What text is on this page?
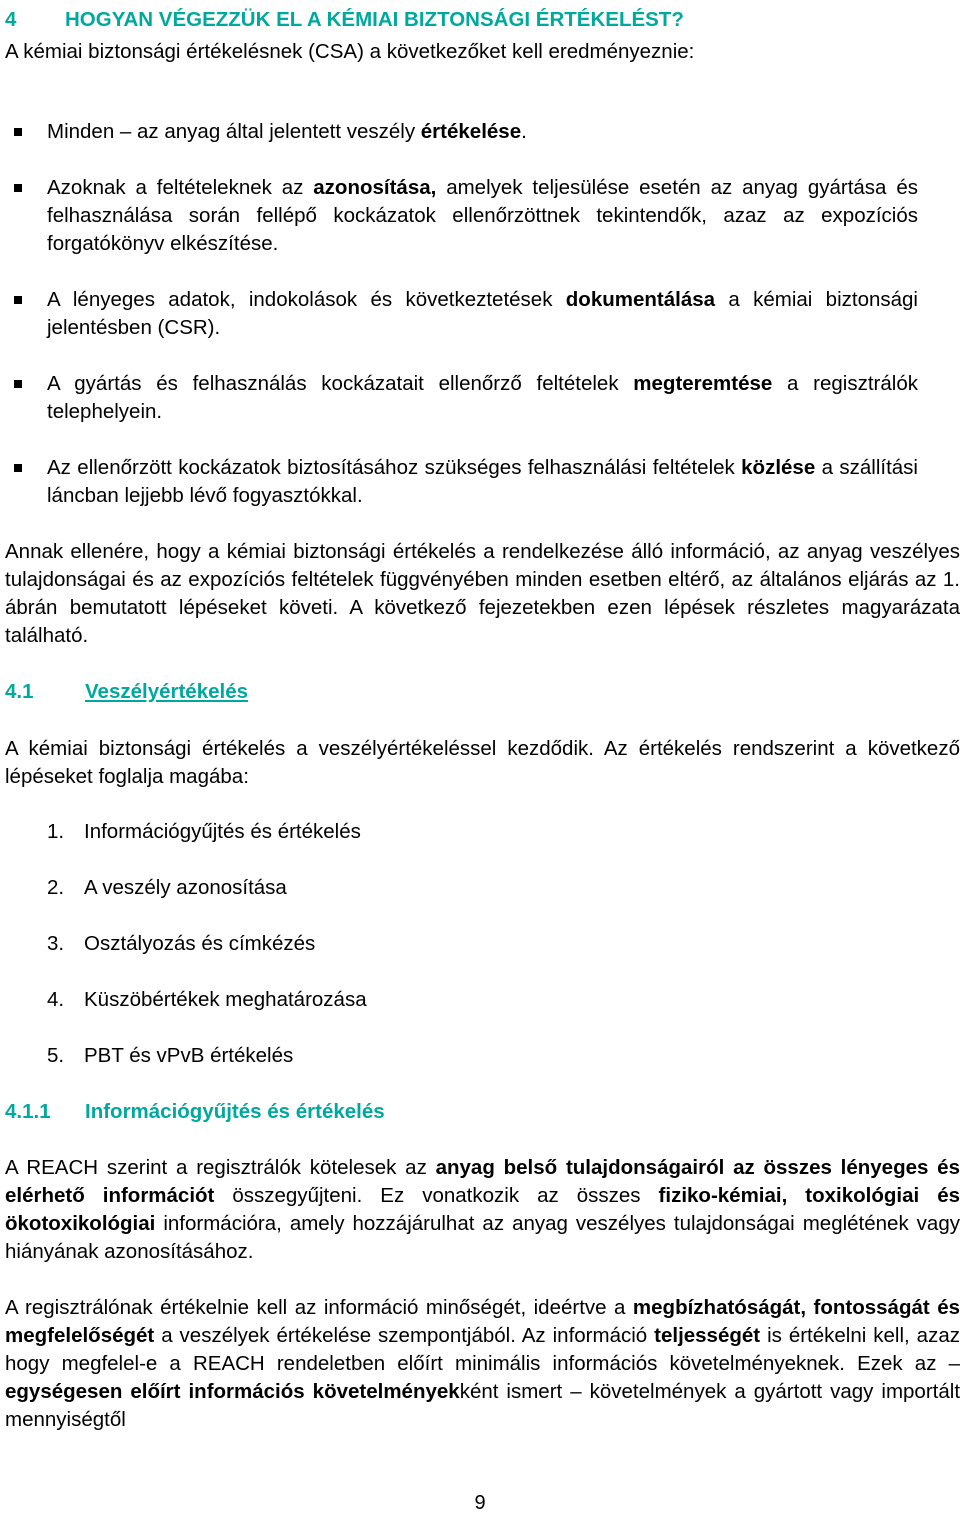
4 HOGYAN VÉGEZZÜK EL A KÉMIAI BIZTONSÁGI ÉRTÉKELÉST?

A kémiai biztonsági értékelésnek (CSA) a következőket kell eredményeznie:

Minden – az anyag által jelentett veszély értékelése.
Azoknak a feltételeknek az azonosítása, amelyek teljesülése esetén az anyag gyártása és felhasználása során fellépő kockázatok ellenőrzöttnek tekintendők, azaz az expozíciós forgatókönyv elkészítése.
A lényeges adatok, indokolások és következtetések dokumentálása a kémiai biztonsági jelentésben (CSR).
A gyártás és felhasználás kockázatait ellenőrző feltételek megteremtése a regisztrálók telephelyein.
Az ellenőrzött kockázatok biztosításához szükséges felhasználási feltételek közlése a szállítási láncban lejjebb lévő fogyasztókkal.

Annak ellenére, hogy a kémiai biztonsági értékelés a rendelkezése álló információ, az anyag veszélyes tulajdonságai és az expozíciós feltételek függvényében minden esetben eltérő, az általános eljárás az 1. ábrán bemutatott lépéseket követi. A következő fejezetekben ezen lépések részletes magyarázata található.

4.1	Veszélyértékelés

A kémiai biztonsági értékelés a veszélyértékeléssel kezdődik. Az értékelés rendszerint a következő lépéseket foglalja magába:

1. Információgyűjtés és értékelés
2. A veszély azonosítása
3. Osztályozás és címkézés
4. Küszöbértékek meghatározása
5. PBT és vPvB értékelés
4.1.1 Információgyűjtés és értékelés

A REACH szerint a regisztrálók kötelesek az anyag belső tulajdonságairól az összes lényeges és elérhető információt összegyűjteni. Ez vonatkozik az összes fiziko-kémiai, toxikológiai és ökotoxikológiai információra, amely hozzájárulhat az anyag veszélyes tulajdonságai meglétének vagy hiányának azonosításához.

A regisztrálónak értékelnie kell az információ minőségét, ideértve a megbízhatóságát, fontosságát és megfelelőségét a veszélyek értékelése szempontjából. Az információ teljességét is értékelni kell, azaz hogy megfelel-e a REACH rendeletben előírt minimális információs követelményeknek. Ezek az – egységesen előírt információs követelményekként ismert – követelmények a gyártott vagy importált mennyiségtől

9
